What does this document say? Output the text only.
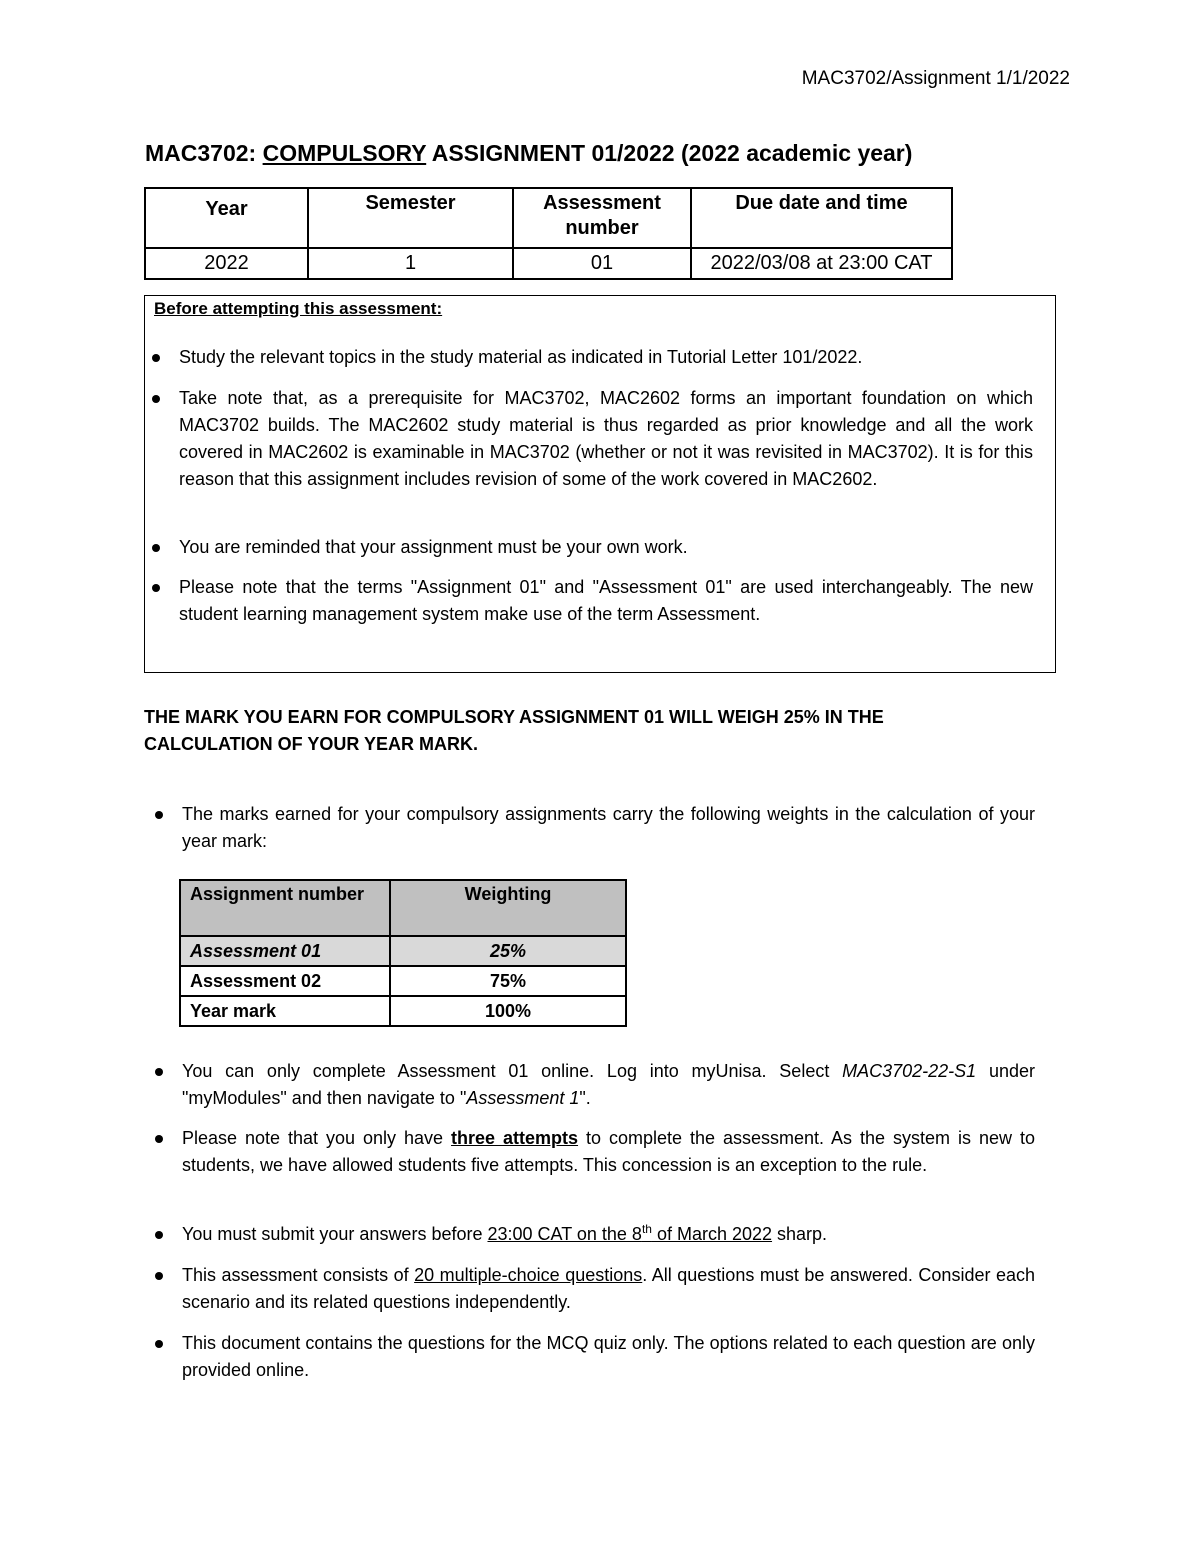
MAC3702/Assignment 1/1/2022
MAC3702: COMPULSORY ASSIGNMENT 01/2022 (2022 academic year)
Year	Semester	Assessment number	Due date and time
2022	1	01	2022/03/08 at 23:00 CAT
Before attempting this assessment:
Study the relevant topics in the study material as indicated in Tutorial Letter 101/2022.
Take note that, as a prerequisite for MAC3702, MAC2602 forms an important foundation on which MAC3702 builds. The MAC2602 study material is thus regarded as prior knowledge and all the work covered in MAC2602 is examinable in MAC3702 (whether or not it was revisited in MAC3702). It is for this reason that this assignment includes revision of some of the work covered in MAC2602.
You are reminded that your assignment must be your own work.
Please note that the terms "Assignment 01" and "Assessment 01" are used interchangeably. The new student learning management system make use of the term Assessment.
THE MARK YOU EARN FOR COMPULSORY ASSIGNMENT 01 WILL WEIGH 25% IN THE CALCULATION OF YOUR YEAR MARK.
The marks earned for your compulsory assignments carry the following weights in the calculation of your year mark:
Assignment number	Weighting
Assessment 01	25%
Assessment 02	75%
Year mark	100%
You can only complete Assessment 01 online. Log into myUnisa. Select MAC3702-22-S1 under "myModules" and then navigate to "Assessment 1".
Please note that you only have three attempts to complete the assessment. As the system is new to students, we have allowed students five attempts. This concession is an exception to the rule.
You must submit your answers before 23:00 CAT on the 8th of March 2022 sharp.
This assessment consists of 20 multiple-choice questions. All questions must be answered. Consider each scenario and its related questions independently.
This document contains the questions for the MCQ quiz only. The options related to each question are only provided online.
